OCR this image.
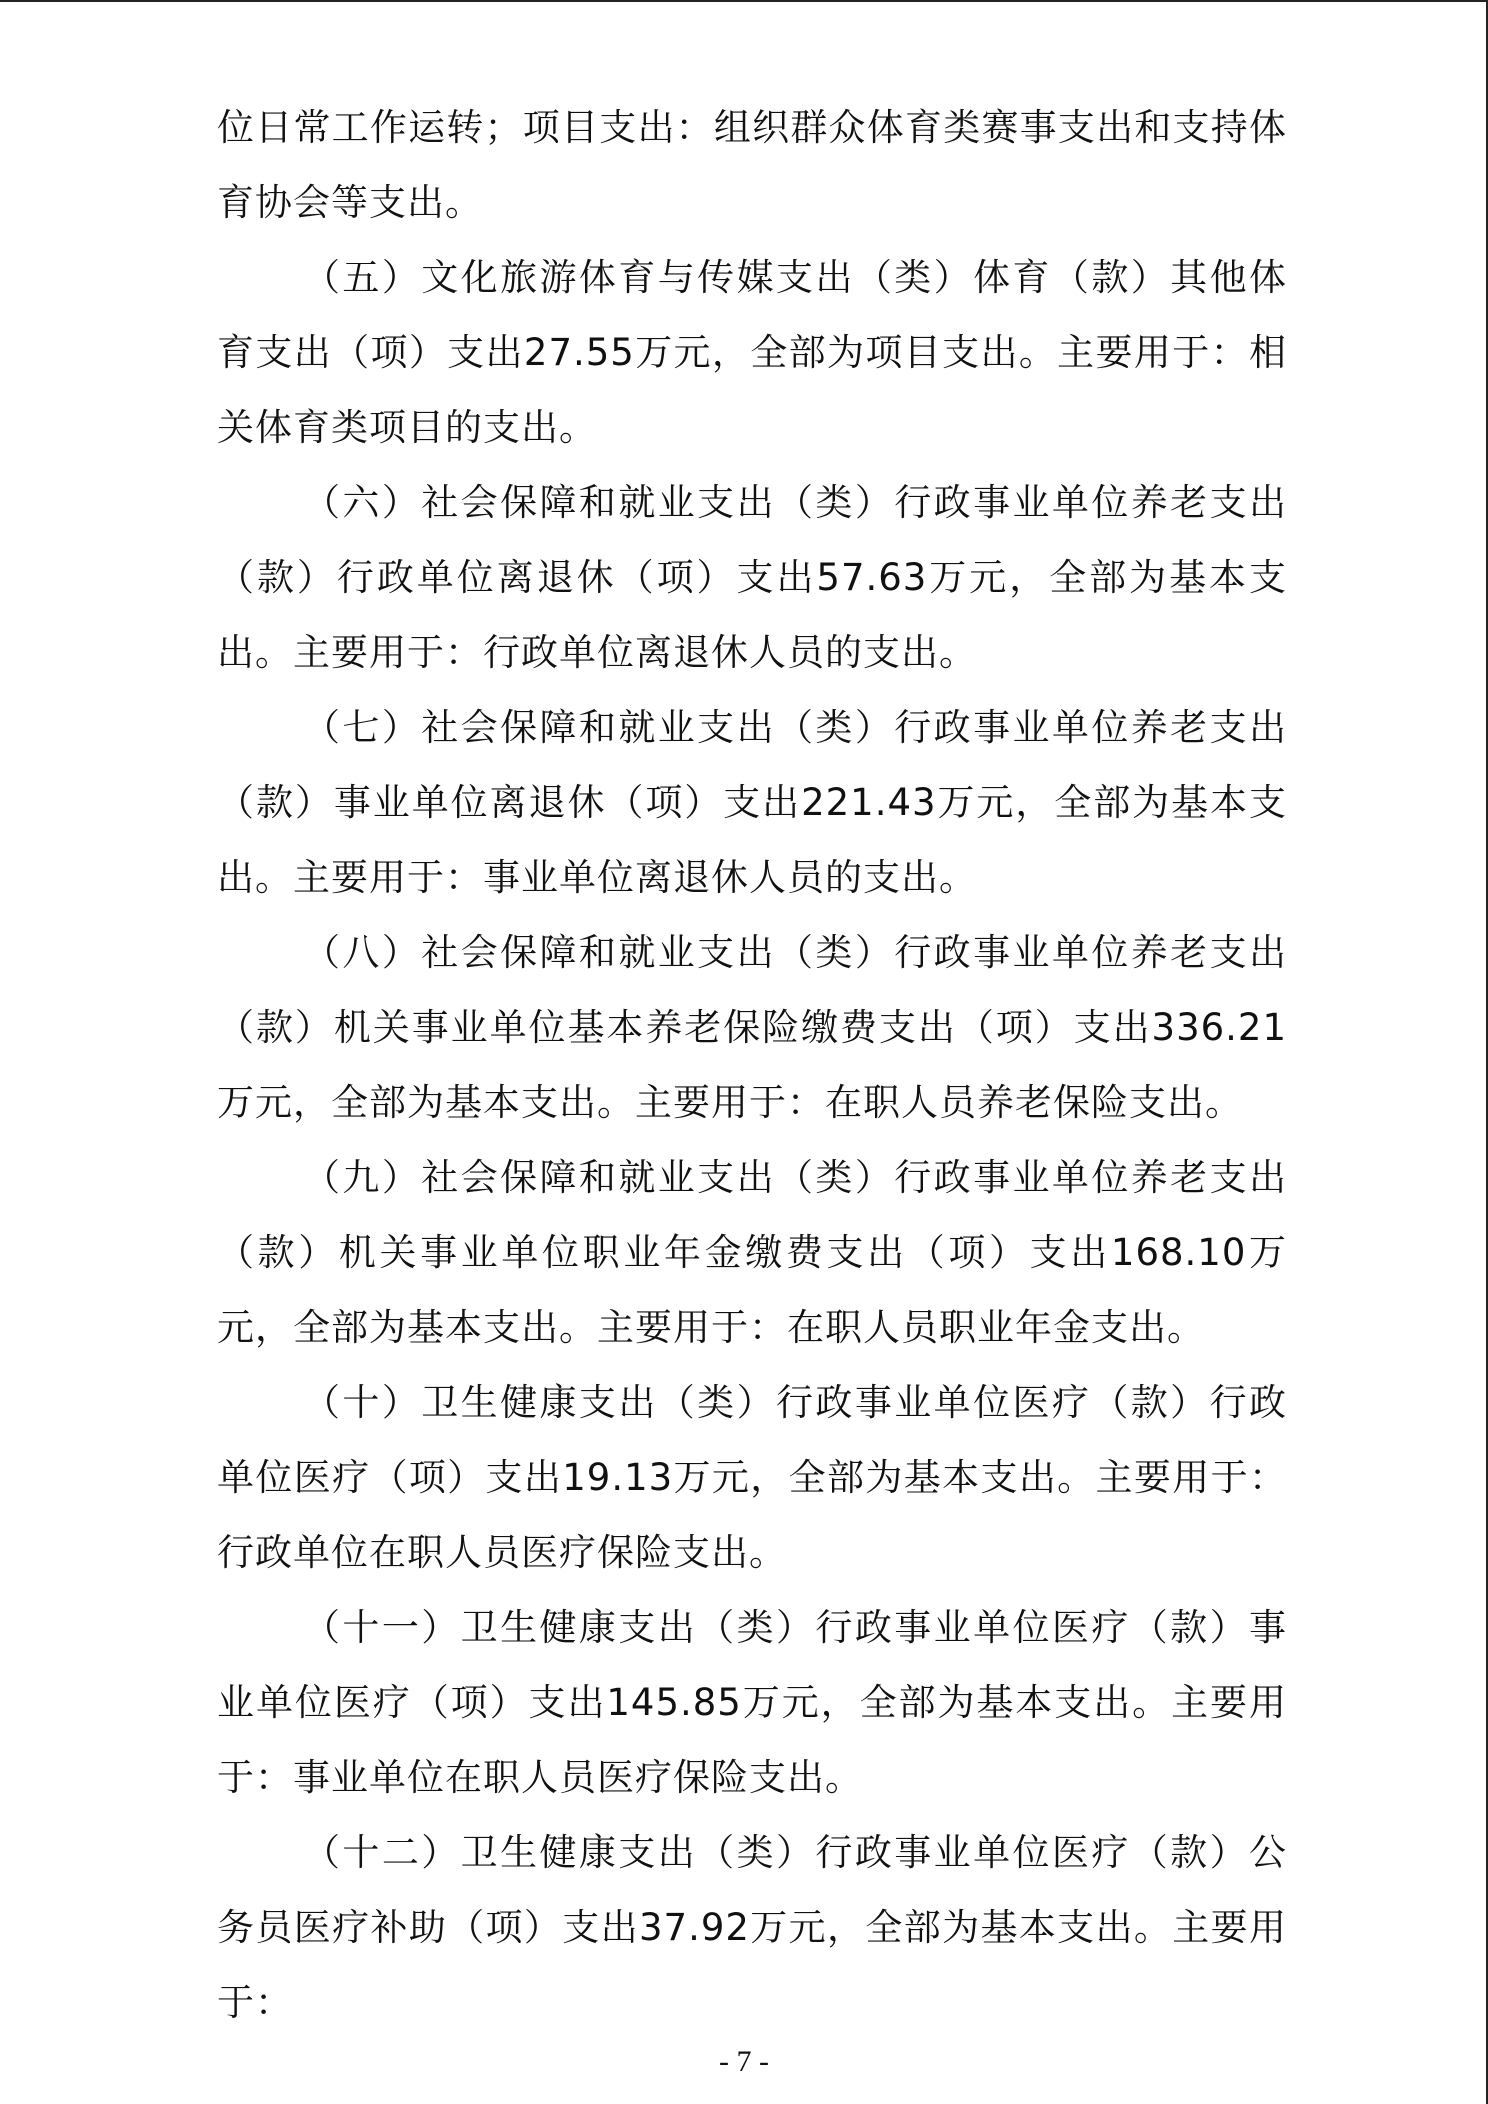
位日常工作运转；项目支出：组织群众体育类赛事支出和支持体育协会等支出。

（五）文化旅游体育与传媒支出（类）体育（款）其他体育支出（项）支出27.55万元，全部为项目支出。主要用于：相关体育类项目的支出。

（六）社会保障和就业支出（类）行政事业单位养老支出（款）行政单位离退休（项）支出57.63万元，全部为基本支出。主要用于：行政单位离退休人员的支出。

（七）社会保障和就业支出（类）行政事业单位养老支出（款）事业单位离退休（项）支出221.43万元，全部为基本支出。主要用于：事业单位离退休人员的支出。

（八）社会保障和就业支出（类）行政事业单位养老支出（款）机关事业单位基本养老保险缴费支出（项）支出336.21万元，全部为基本支出。主要用于：在职人员养老保险支出。

（九）社会保障和就业支出（类）行政事业单位养老支出（款）机关事业单位职业年金缴费支出（项）支出168.10万元，全部为基本支出。主要用于：在职人员职业年金支出。

（十）卫生健康支出（类）行政事业单位医疗（款）行政单位医疗（项）支出19.13万元，全部为基本支出。主要用于：行政单位在职人员医疗保险支出。

（十一）卫生健康支出（类）行政事业单位医疗（款）事业单位医疗（项）支出145.85万元，全部为基本支出。主要用于：事业单位在职人员医疗保险支出。

（十二）卫生健康支出（类）行政事业单位医疗（款）公务员医疗补助（项）支出37.92万元，全部为基本支出。主要用于：

- 7 -
